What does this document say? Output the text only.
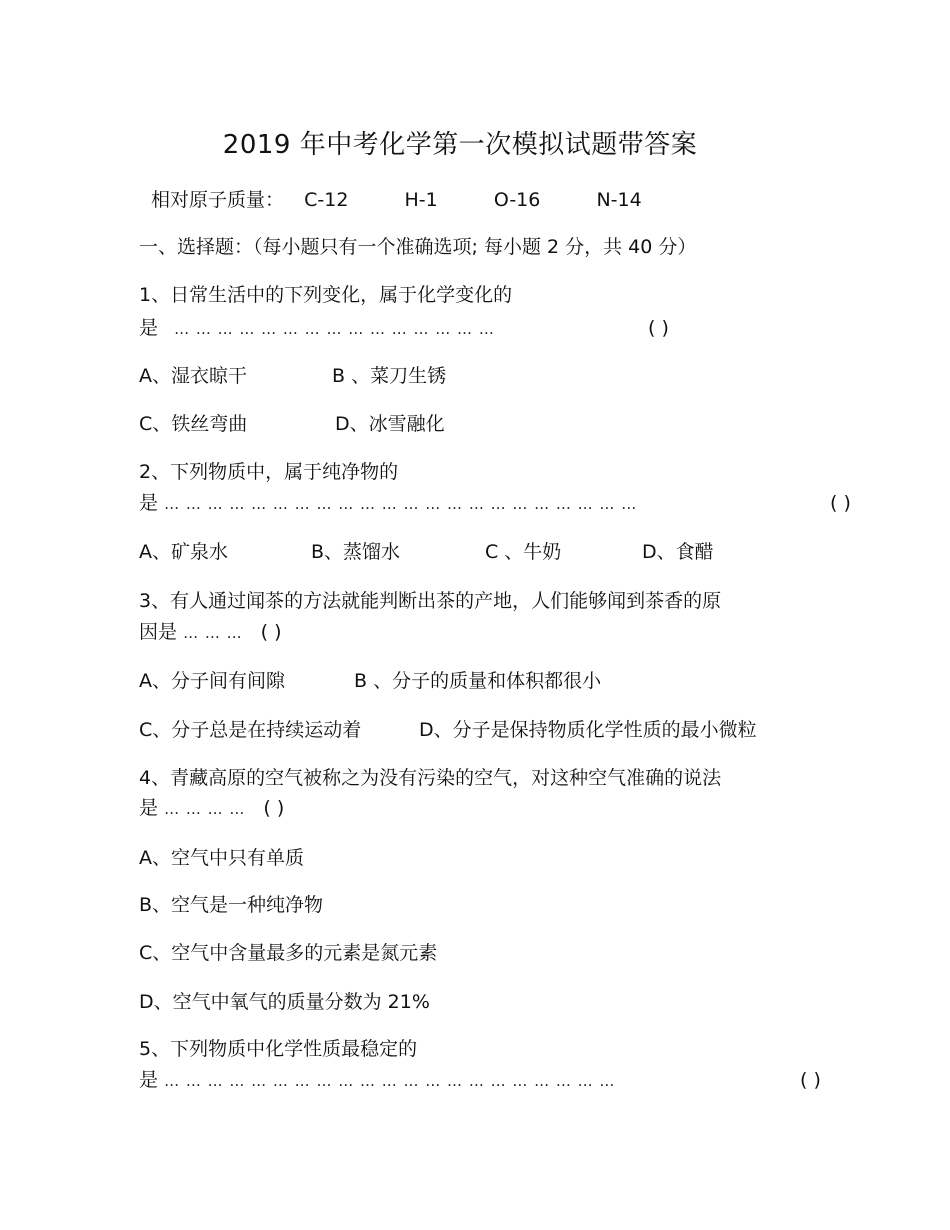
2019 年中考化学第一次模拟试题带答案
相对原子质量： C-12	H-1	O-16	N-14
一、选择题：（每小题只有一个准确选项; 每小题 2 分，共 40 分）
1、日常生活中的下列变化，属于化学变化的
是 … … … … … … … … … … … … … … …	( )
A、湿衣晾干	B 、菜刀生锈
C、铁丝弯曲	D、冰雪融化
2、下列物质中，属于纯净物的
是 … … … … … … … … … … … … … … … … … … … … … …	( )
A、矿泉水	B、蒸馏水	C 、牛奶	D、食醋
3、有人通过闻茶的方法就能判断出茶的产地，人们能够闻到茶香的原
因是 … … … ( )
A、分子间有间隙	B 、分子的质量和体积都很小
C、分子总是在持续运动着	D、分子是保持物质化学性质的最小微粒
4、青藏高原的空气被称之为没有污染的空气，对这种空气准确的说法
是 … … … … ( )
A、空气中只有单质
B、空气是一种纯净物
C、空气中含量最多的元素是氮元素
D、空气中氧气的质量分数为 21%
5、下列物质中化学性质最稳定的
是 … … … … … … … … … … … … … … … … … … … … …	( )
